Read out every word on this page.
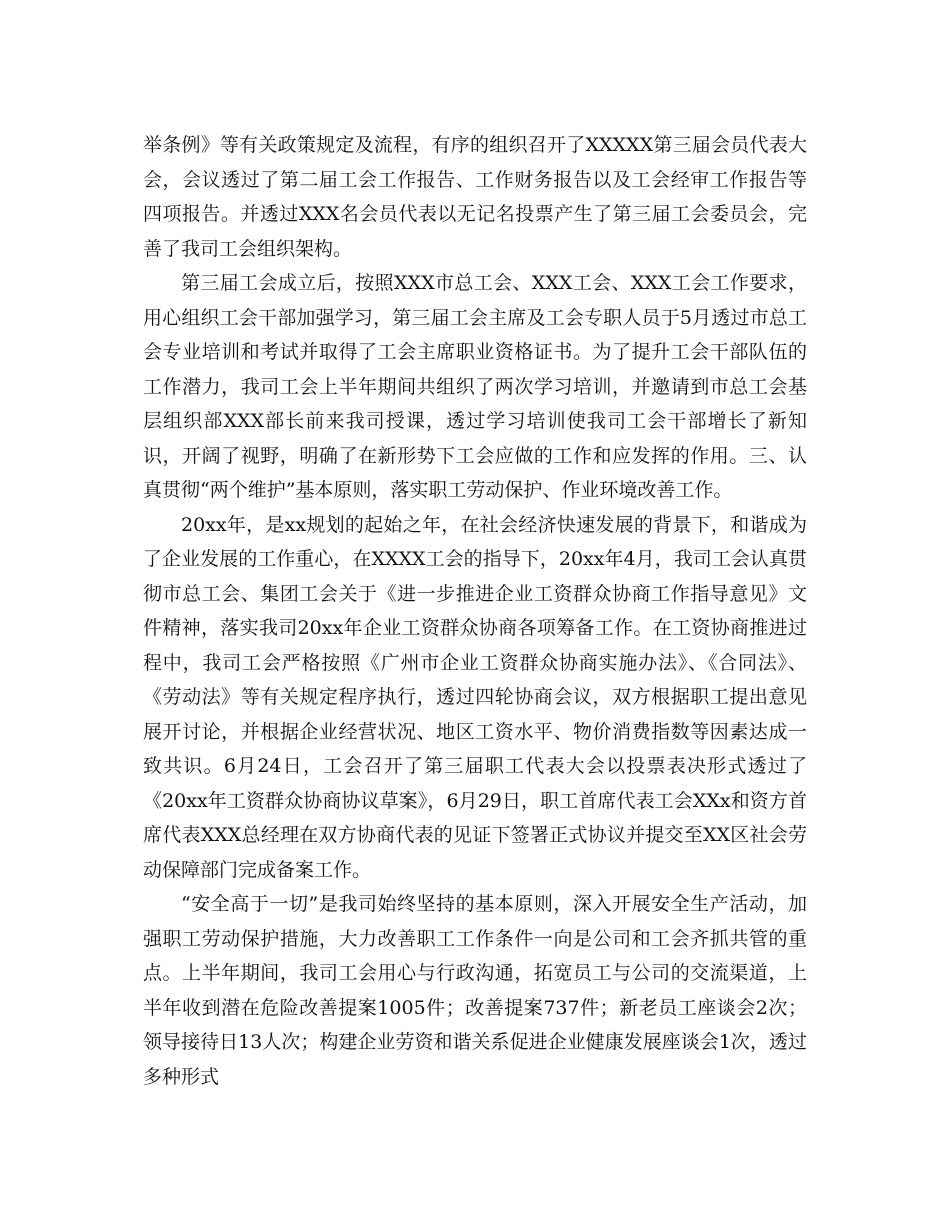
举条例》等有关政策规定及流程，有序的组织召开了XXXXX第三届会员代表大会，会议透过了第二届工会工作报告、工作财务报告以及工会经审工作报告等四项报告。并透过XXX名会员代表以无记名投票产生了第三届工会委员会，完善了我司工会组织架构。

第三届工会成立后，按照XXX市总工会、XXX工会、XXX工会工作要求，用心组织工会干部加强学习，第三届工会主席及工会专职人员于5月透过市总工会专业培训和考试并取得了工会主席职业资格证书。为了提升工会干部队伍的工作潜力，我司工会上半年期间共组织了两次学习培训，并邀请到市总工会基层组织部XXX部长前来我司授课，透过学习培训使我司工会干部增长了新知识，开阔了视野，明确了在新形势下工会应做的工作和应发挥的作用。三、认真贯彻“两个维护”基本原则，落实职工劳动保护、作业环境改善工作。

20xx年，是xx规划的起始之年，在社会经济快速发展的背景下，和谐成为了企业发展的工作重心，在XXXX工会的指导下，20xx年4月，我司工会认真贯彻市总工会、集团工会关于《进一步推进企业工资群众协商工作指导意见》文件精神，落实我司20xx年企业工资群众协商各项筹备工作。在工资协商推进过程中，我司工会严格按照《广州市企业工资群众协商实施办法》、《合同法》、《劳动法》等有关规定程序执行，透过四轮协商会议，双方根据职工提出意见展开讨论，并根据企业经营状况、地区工资水平、物价消费指数等因素达成一致共识。6月24日，工会召开了第三届职工代表大会以投票表决形式透过了《20xx年工资群众协商协议草案》，6月29日，职工首席代表工会XXx和资方首席代表XXX总经理在双方协商代表的见证下签署正式协议并提交至XX区社会劳动保障部门完成备案工作。

“安全高于一切”是我司始终坚持的基本原则，深入开展安全生产活动，加强职工劳动保护措施，大力改善职工工作条件一向是公司和工会齐抓共管的重点。上半年期间，我司工会用心与行政沟通，拓宽员工与公司的交流渠道，上半年收到潜在危险改善提案1005件；改善提案737件；新老员工座谈会2次；领导接待日13人次；构建企业劳资和谐关系促进企业健康发展座谈会1次，透过多种形式
